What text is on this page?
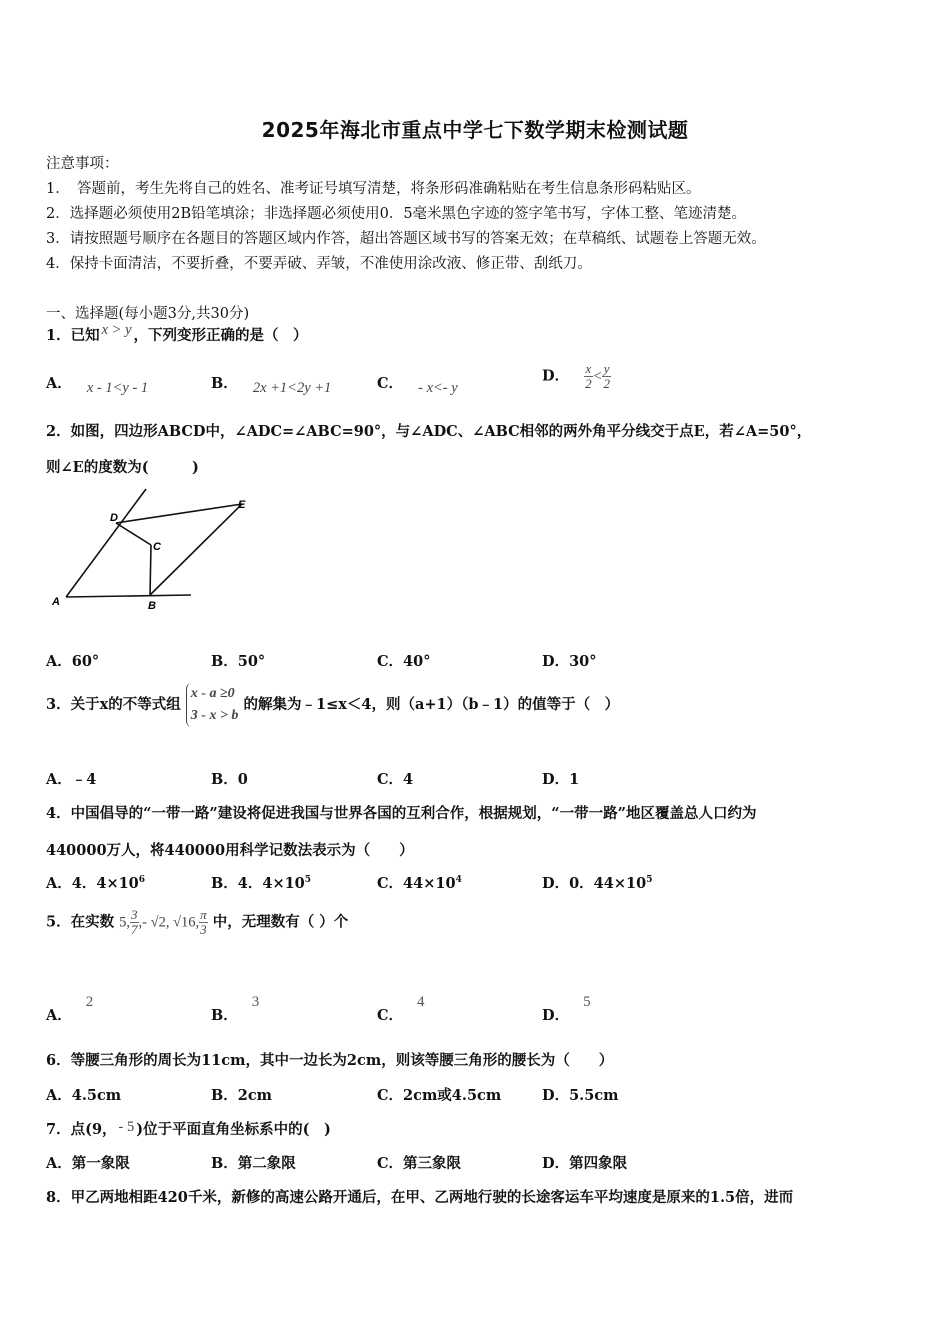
2025年海北市重点中学七下数学期末检测试题
注意事项：
1．　答题前，考生先将自己的姓名、准考证号填写清楚，将条形码准确粘贴在考生信息条形码粘贴区。
2．选择题必须使用2B铅笔填涂；非选择题必须使用0．5毫米黑色字迹的签字笔书写，字体工整、笔迹清楚。
3．请按照题号顺序在各题目的答题区域内作答，超出答题区域书写的答案无效；在草稿纸、试题卷上答题无效。
4．保持卡面清洁，不要折叠，不要弄破、弄皱，不准使用涂改液、修正带、刮纸刀。
一、选择题(每小题3分,共30分)
1．已知 x > y ，下列变形正确的是（　）
A． x - 1<y - 1	B． 2x +1<2y +1	C． - x<- y
D． $\frac{x}{2} < \frac{y}{2}$
2．如图，四边形ABCD中，∠ADC=∠ABC=90°，与∠ADC、∠ABC相邻的两外角平分线交于点E，若∠A=50°，
则∠E的度数为(　　　)
A	B
C
D
E
A．60°	B．50°	C．40°	D．30°
3．关于x的不等式组
x - a ≥0
3 - x > b
的解集为﹣1≤x＜4，则（a+1）（b﹣1）的值等于（　）
A．﹣4	B．0	C．4	D．1
4．中国倡导的“一带一路”建设将促进我国与世界各国的互利合作，根据规划，“一带一路”地区覆盖总人口约为
440000万人，将440000用科学记数法表示为（　　）
A．4．$4\times 10^6$	B．4．$4\times 10^5$	C．$44\times 10^4$	D．0．$44\times 10^5$
5．在实数 5, $\frac{3}{7}$ ,- √2, √16, $\frac{\pi}{3}$ 中，无理数有（ ）个
A．2
B．3
C．4
D．5
6．等腰三角形的周长为11cm，其中一边长为2cm，则该等腰三角形的腰长为（　　）
A．4.5cm	B．2cm	C．2cm或4.5cm	D．5.5cm
7．点(9， - 5 )位于平面直角坐标系中的(　)
A．第一象限	B．第二象限	C．第三象限	D．第四象限
8．甲乙两地相距420千米，新修的高速公路开通后，在甲、乙两地行驶的长途客运车平均速度是原来的1.5倍，进而
